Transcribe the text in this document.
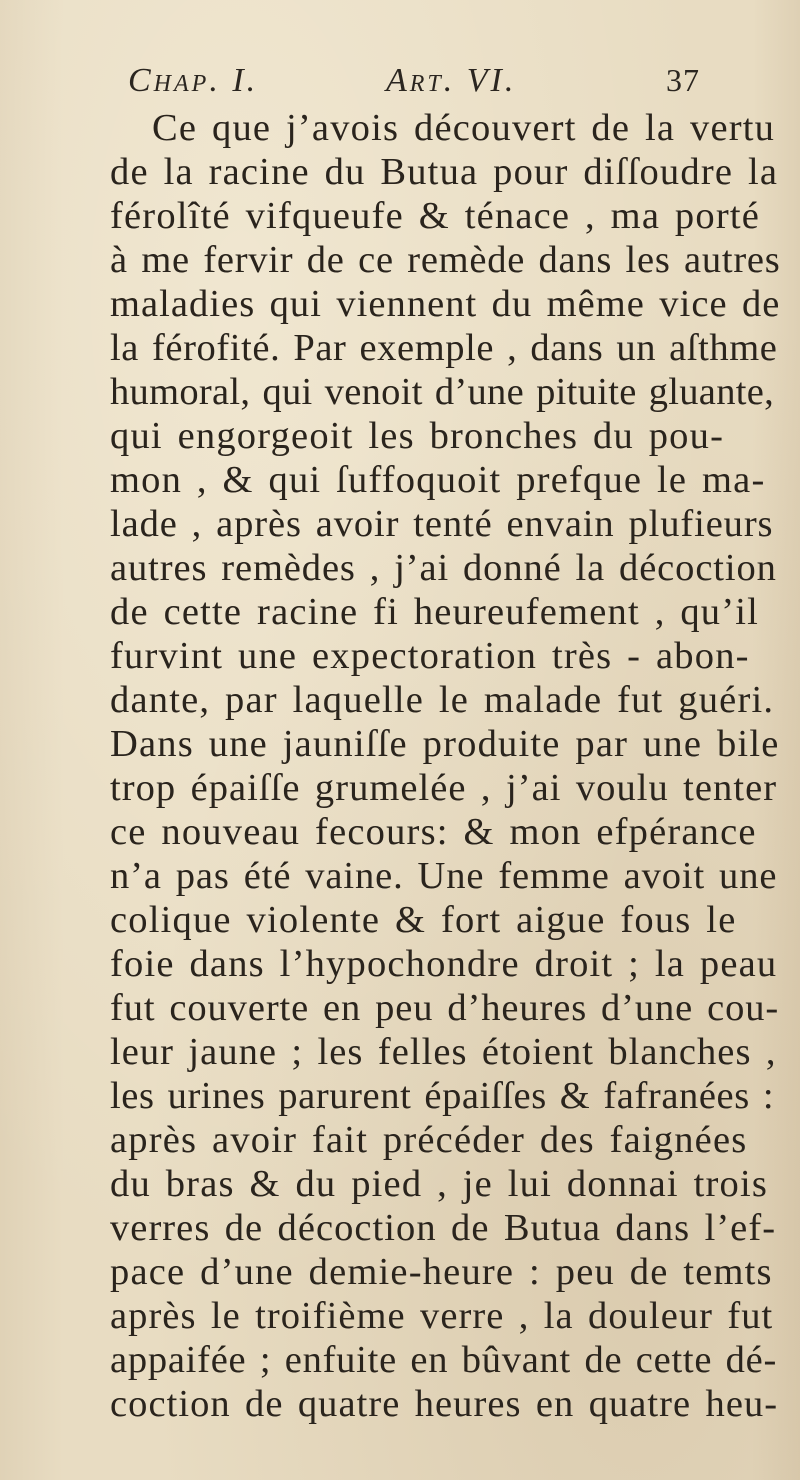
Chap. I.	Art. VI.	37
Ce que j’avois découvert de la vertu
de la racine du Butua pour diſſoudre la
férolîté vifqueufe & ténace , ma porté
à me fervir de ce remède dans les autres
maladies qui viennent du même vice de
la férofité. Par exemple , dans un aſthme
humoral, qui venoit d’une pituite gluante,
qui engorgeoit les bronches du pou-
mon , & qui ſuffoquoit prefque le ma-
lade , après avoir tenté envain plufieurs
autres remèdes , j’ai donné la décoction
de cette racine fi heureufement , qu’il
furvint une expectoration très - abon-
dante, par laquelle le malade fut guéri.
Dans une jauniſſe produite par une bile
trop épaiſſe grumelée , j’ai voulu tenter
ce nouveau fecours: & mon efpérance
n’a pas été vaine. Une femme avoit une
colique violente & fort aigue fous le
foie dans l’hypochondre droit ; la peau
fut couverte en peu d’heures d’une cou-
leur jaune ; les felles étoient blanches ,
les urines parurent épaiſſes & fafranées :
après avoir fait précéder des faignées
du bras & du pied , je lui donnai trois
verres de décoction de Butua dans l’ef-
pace d’une demie-heure : peu de temts
après le troifième verre , la douleur fut
appaifée ; enfuite en bûvant de cette dé-
coction de quatre heures en quatre heu-
